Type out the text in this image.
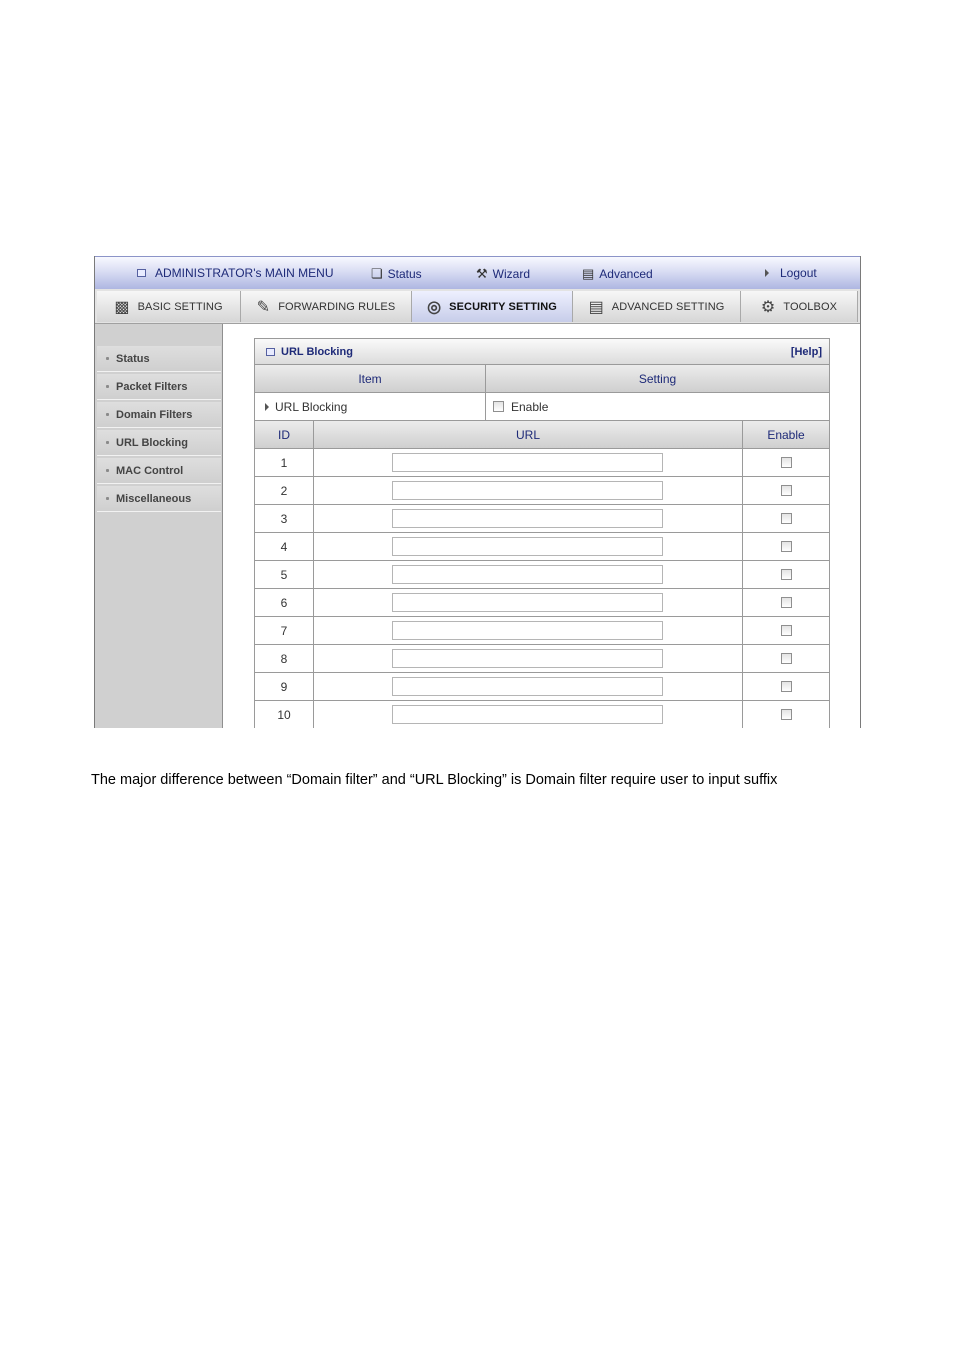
ADMINISTRATOR's MAIN MENU	❏ Status	⚒ Wizard	▤ Advanced	Logout
▩ BASIC SETTING ✎ FORWARDING RULES ◎ SECURITY SETTING ▤ ADVANCED SETTING ⚙ TOOLBOX
Status
Packet Filters
Domain Filters
URL Blocking
MAC Control
Miscellaneous
URL Blocking	[Help]
Item	Setting
URL Blocking	Enable
ID	URL	Enable
1
2
3
4
5
6
7
8
9
10
The major difference between “Domain filter” and “URL Blocking” is Domain filter require user to input suffix
